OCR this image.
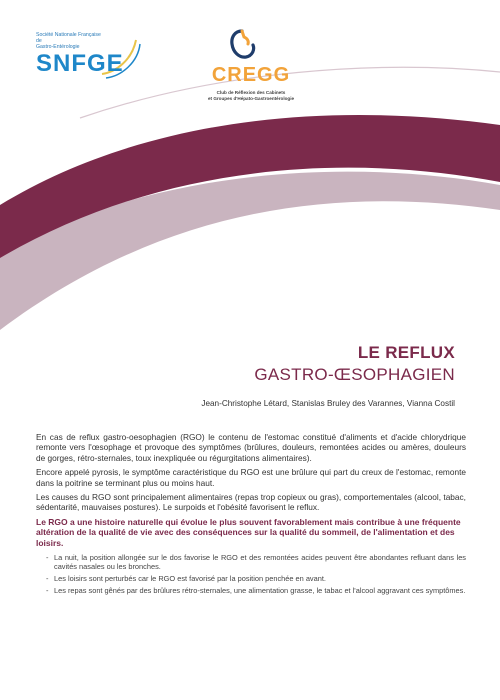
Société Nationale Française
de
Gastro-Entérologie
SNFGE	CREGG
Club de Réflexion des Cabinets
et Groupes d'Hépato-Gastroentérologie
LE REFLUX
GASTRO-ŒSOPHAGIEN
Jean-Christophe Létard, Stanislas Bruley des Varannes, Vianna Costil

En cas de reflux gastro-oesophagien (RGO) le contenu de l'estomac constitué d'aliments et d'acide chlorydrique remonte vers l'œsophage et provoque des symptômes (brûlures, douleurs, remontées acides ou amères, douleurs de gorges, rétro-sternales, toux inexpliquée ou régurgitations alimentaires).

Encore appelé pyrosis, le symptôme caractéristique du RGO est une brûlure qui part du creux de l'estomac, remonte dans la poitrine se terminant plus ou moins haut.

Les causes du RGO sont principalement alimentaires (repas trop copieux ou gras), comportementales (alcool, tabac, sédentarité, mauvaises postures). Le surpoids et l'obésité favorisent le reflux.

Le RGO a une histoire naturelle qui évolue le plus souvent favorablement mais contribue à une fréquente altération de la qualité de vie avec des conséquences sur la qualité du sommeil, de l'alimentation et des loisirs.

- La nuit, la position allongée sur le dos favorise le RGO et des remontées acides peuvent être abondantes refluant dans les cavités nasales ou les bronches.
- Les loisirs sont perturbés car le RGO est favorisé par la position penchée en avant.
- Les repas sont gênés par des brûlures rétro-sternales, une alimentation grasse, le tabac et l'alcool aggravant ces symptômes.
